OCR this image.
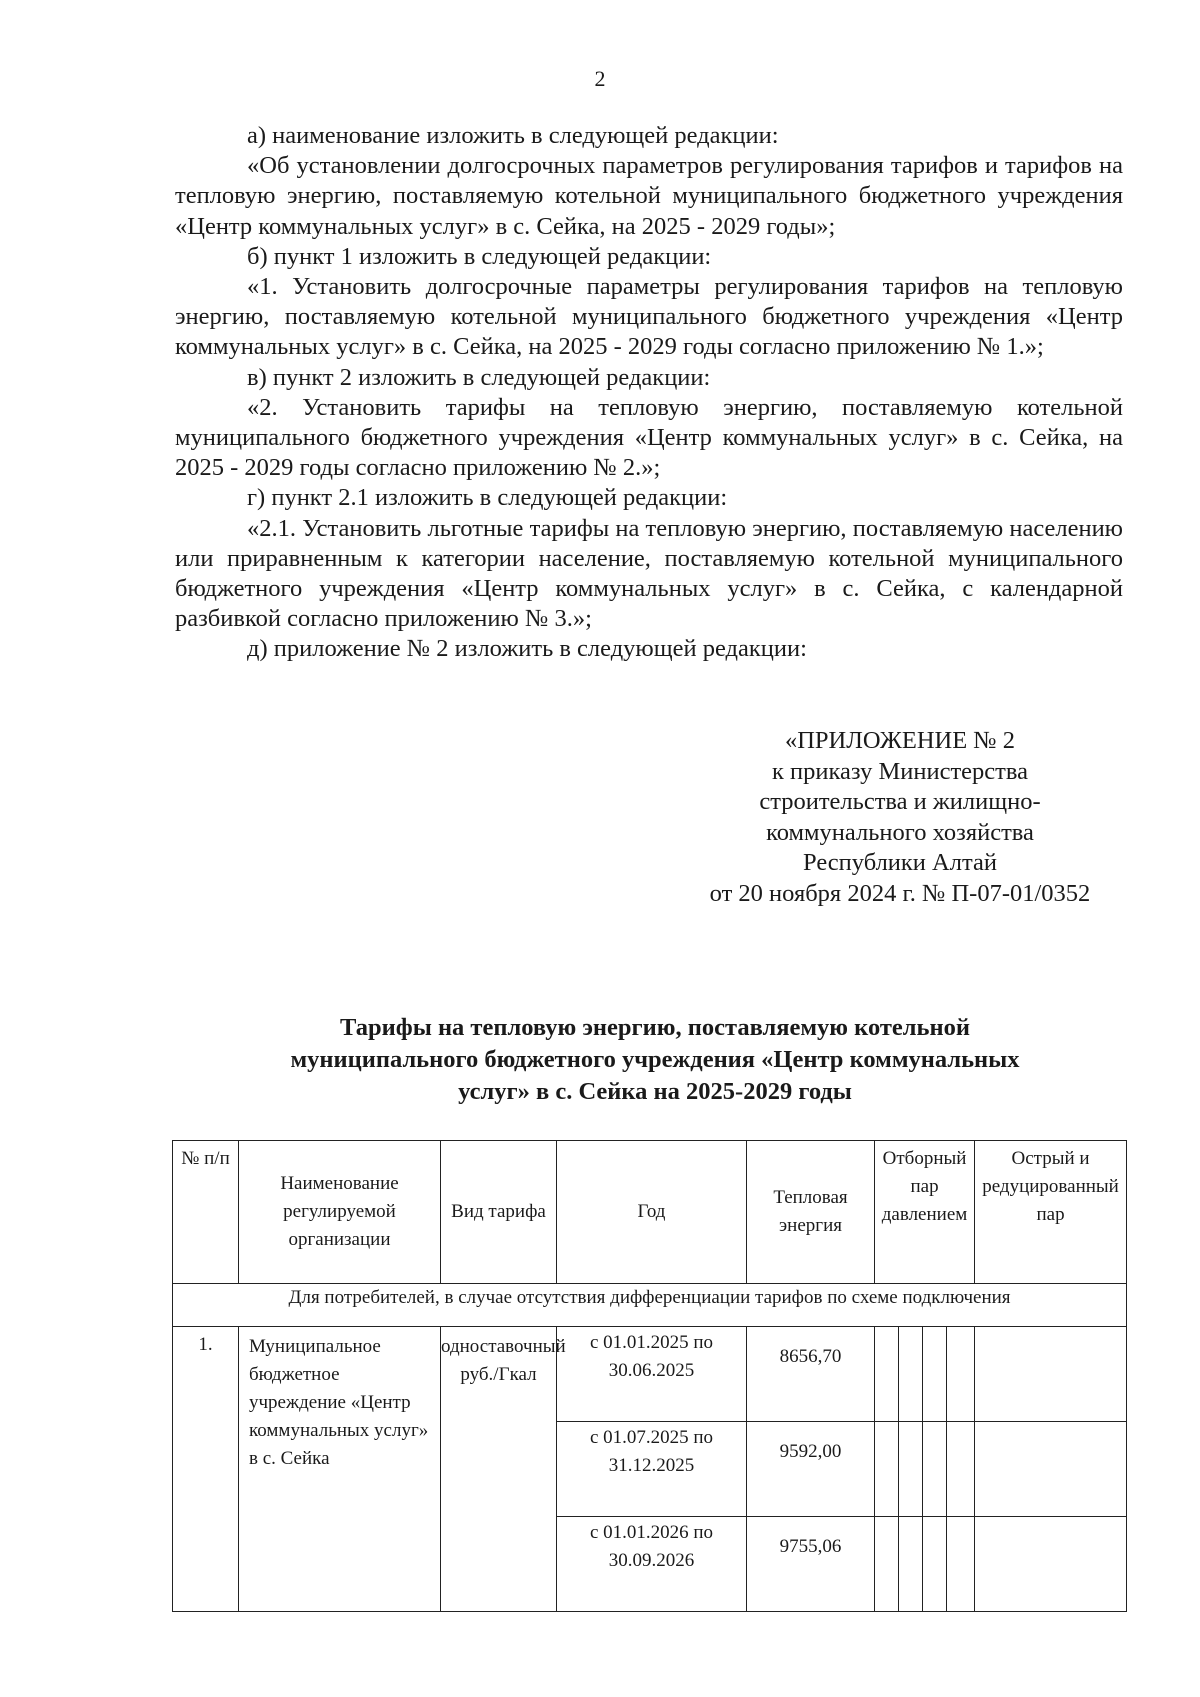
2

а) наименование изложить в следующей редакции:

«Об установлении долгосрочных параметров регулирования тарифов и тарифов на тепловую энергию, поставляемую котельной муниципального бюджетного учреждения «Центр коммунальных услуг» в с. Сейка, на 2025 - 2029 годы»;

б) пункт 1 изложить в следующей редакции:

«1. Установить долгосрочные параметры регулирования тарифов на тепловую энергию, поставляемую котельной муниципального бюджетного учреждения «Центр коммунальных услуг» в с. Сейка, на 2025 - 2029 годы согласно приложению № 1.»;

в) пункт 2 изложить в следующей редакции:

«2. Установить тарифы на тепловую энергию, поставляемую котельной муниципального бюджетного учреждения «Центр коммунальных услуг» в с. Сейка, на 2025 - 2029 годы согласно приложению № 2.»;

г) пункт 2.1 изложить в следующей редакции:

«2.1. Установить льготные тарифы на тепловую энергию, поставляемую населению или приравненным к категории население, поставляемую котельной муниципального бюджетного учреждения «Центр коммунальных услуг» в с. Сейка, с календарной разбивкой согласно приложению № 3.»;

д) приложение № 2 изложить в следующей редакции:

«ПРИЛОЖЕНИЕ № 2
к приказу Министерства
строительства и жилищно-
коммунального хозяйства
Республики Алтай
от 20 ноября 2024 г. № П-07-01/0352
Тарифы на тепловую энергию, поставляемую котельной
муниципального бюджетного учреждения «Центр коммунальных
услуг» в с. Сейка на 2025-2029 годы
№ п/п	Наименование регулируемой организации	Вид тарифа	Год	Тепловая энергия	Отборный пар давлением				Острый и редуцированный пар
Для потребителей, в случае отсутствия дифференциации тарифов по схеме подключения									
1.	Муниципальное бюджетное учреждение «Центр коммунальных услуг» в с. Сейка	одноставочный руб./Гкал	с 01.01.2025 по 30.06.2025	8656,70					
			с 01.07.2025 по 31.12.2025	9592,00					
			с 01.01.2026 по 30.09.2026	9755,06					
